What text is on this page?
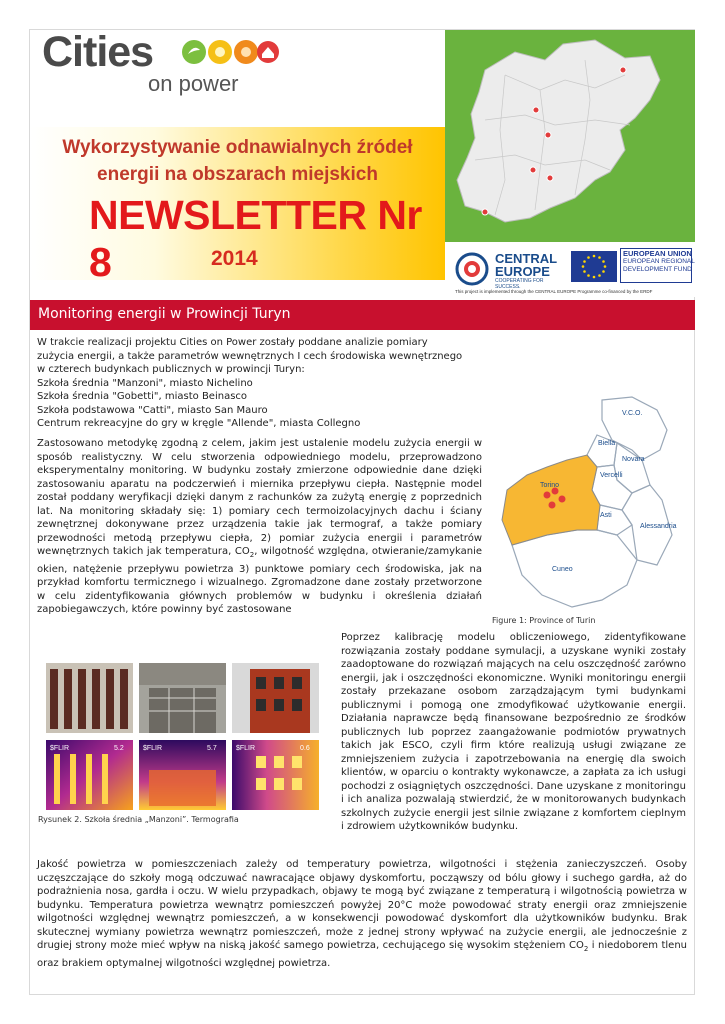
Cities
on power
Wykorzystywanie odnawialnych źródeł
energii na obszarach miejskich
NEWSLETTER Nr 8	2014	CENTRAL
EUROPE
COOPERATING FOR SUCCESS.
EUROPEAN UNION
EUROPEAN REGIONAL
DEVELOPMENT FUND
This project is implemented through the CENTRAL EUROPE Programme co-financed by the ERDF
Monitoring energii w Prowincji Turyn

W trakcie realizacji projektu Cities on Power zostały poddane analizie pomiary

zużycia energii, a także parametrów wewnętrznych I cech środowiska wewnętrznego

w czterech budynkach publicznych w prowincji Turyn:

Szkoła średnia "Manzoni", miasto Nichelino

Szkoła średnia "Gobetti", miasto Beinasco

Szkoła podstawowa "Catti", miasto San Mauro

Centrum rekreacyjne do gry w kręgle "Allende", miasta Collegno

Zastosowano metodykę zgodną z celem, jakim jest ustalenie modelu zużycia energii w sposób realistyczny. W celu stworzenia odpowiedniego modelu, przeprowadzono eksperymentalny monitoring. W budynku zostały zmierzone odpowiednie dane dzięki zastosowaniu aparatu na podczerwień i miernika przepływu ciepła. Następnie model został poddany weryfikacji dzięki danym z rachunków za zużytą energię z poprzednich lat. Na monitoring składały się: 1) pomiary cech termoizolacyjnych dachu i ściany zewnętrznej dokonywane przez urządzenia takie jak termograf, a także pomiary przewodności metodą przepływu ciepła, 2) pomiar zużycia energii i parametrów wewnętrznych takich jak temperatura, $CO_2$, wilgotność względna, otwieranie/zamykanie okien, natężenie przepływu powietrza 3) punktowe pomiary cech środowiska, jak na przykład komfortu termicznego i wizualnego. Zgromadzone dane zostały przetworzone w celu zidentyfikowania głównych problemów w budynku i określenia działań zapobiegawczych, które powinny być zastosowane
V.C.O.
Biella
Novara
Vercelli
Torino
Asti
Alessandria
Cuneo
Figure 1: Province of Turin
$FLIR	5.2	$FLIR	5.7	$FLIR	0.6
Rysunek 2. Szkoła średnia „Manzoni”. Termografia
Poprzez kalibrację modelu obliczeniowego, zidentyfikowane rozwiązania zostały poddane symulacji, a uzyskane wyniki zostały zaadoptowane do rozwiązań mających na celu oszczędność zarówno energii, jak i oszczędności ekonomiczne. Wyniki monitoringu energii zostały przekazane osobom zarządzającym tymi budynkami publicznymi i pomogą one zmodyfikować użytkowanie energii. Działania naprawcze będą finansowane bezpośrednio ze środków publicznych lub poprzez zaangażowanie podmiotów prywatnych takich jak ESCO, czyli firm które realizują usługi związane ze zmniejszeniem zużycia i zapotrzebowania na energię dla swoich klientów, w oparciu o kontrakty wykonawcze, a zapłata za ich usługi pochodzi z osiągniętych oszczędności. Dane uzyskane z monitoringu i ich analiza pozwalają stwierdzić, że w monitorowanych budynkach szkolnych zużycie energii jest silnie związane z komfortem cieplnym i zdrowiem użytkowników budynku.
Jakość powietrza w pomieszczeniach zależy od temperatury powietrza, wilgotności i stężenia zanieczyszczeń. Osoby uczęszczające do szkoły mogą odczuwać nawracające objawy dyskomfortu, począwszy od bólu głowy i suchego gardła, aż do podrażnienia nosa, gardła i oczu. W wielu przypadkach, objawy te mogą być związane z temperaturą i wilgotnością powietrza w budynku. Temperatura powietrza wewnątrz pomieszczeń powyżej 20°C może powodować straty energii oraz zmniejszenie wilgotności względnej wewnątrz pomieszczeń, a w konsekwencji powodować dyskomfort dla użytkowników budynku. Brak skutecznej wymiany powietrza wewnątrz pomieszczeń, może z jednej strony wpływać na zużycie energii, ale jednocześnie z drugiej strony może mieć wpływ na niską jakość samego powietrza, cechującego się wysokim stężeniem $CO_2$ i niedoborem tlenu oraz brakiem optymalnej wilgotności względnej powietrza.
